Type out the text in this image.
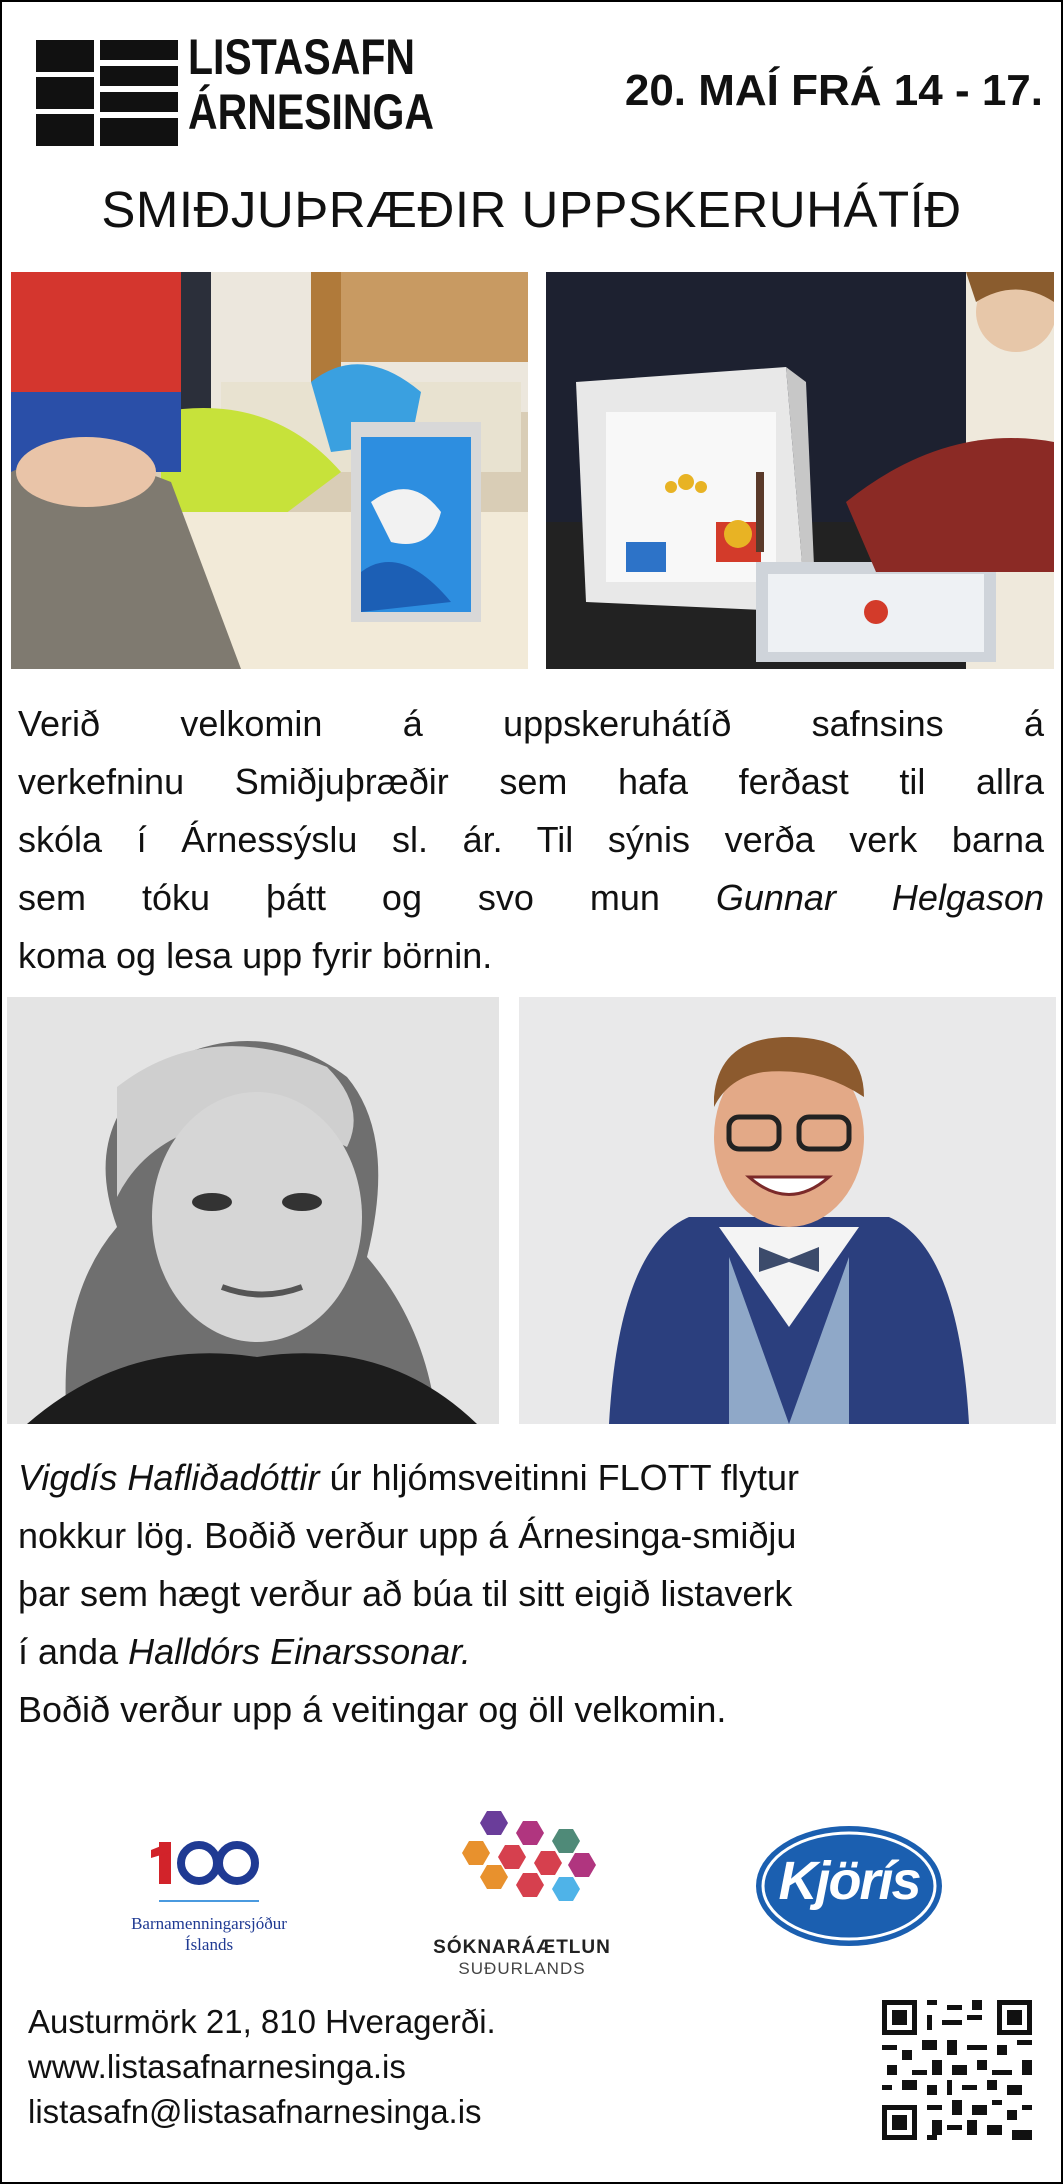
LISTASAFN
ÁRNESINGA	20. MAÍ FRÁ 14 - 17.
SMIÐJUÞRÆÐIR UPPSKERUHÁTÍÐ
Verið velkomin á uppskeruhátíð safnsins á
verkefninu Smiðjuþræðir sem hafa ferðast til allra
skóla í Árnessýslu sl. ár. Til sýnis verða verk barna
sem tóku þátt og svo mun Gunnar Helgason
koma og lesa upp fyrir börnin.
Vigdís Hafliðadóttir úr hljómsveitinni FLOTT flytur
nokkur lög. Boðið verður upp á Árnesinga-smiðju
þar sem hægt verður að búa til sitt eigið listaverk
í anda Halldórs Einarssonar.
Boðið verður upp á veitingar og öll velkomin.
Barnamenningarsjóður
Íslands	SÓKNARÁÆTLUN
SUÐURLANDS
Kjörís
Austurmörk 21, 810 Hveragerði.
www.listasafnarnesinga.is
listasafn@listasafnarnesinga.is
